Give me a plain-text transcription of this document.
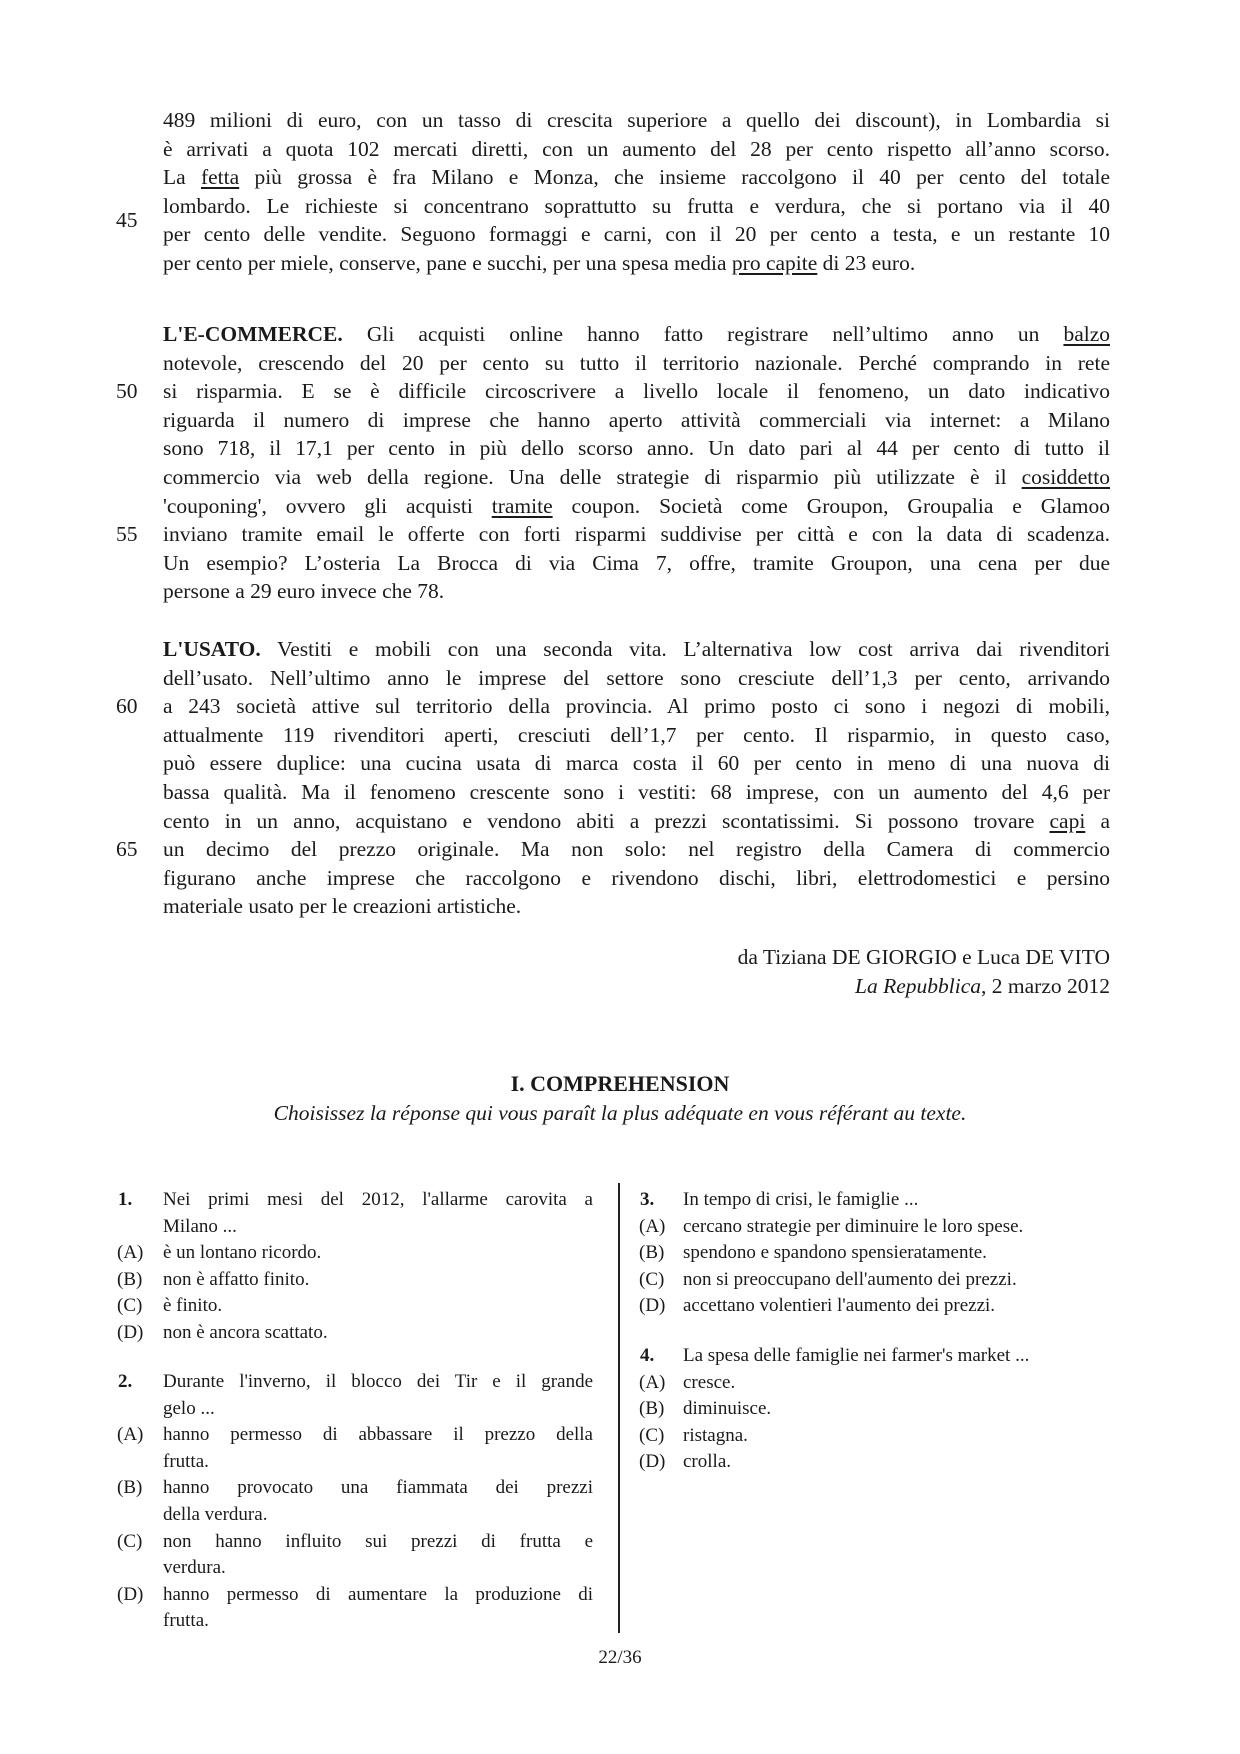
489 milioni di euro, con un tasso di crescita superiore a quello dei discount), in Lombardia si
è arrivati a quota 102 mercati diretti, con un aumento del 28 per cento rispetto all’anno scorso.
La fetta più grossa è fra Milano e Monza, che insieme raccolgono il 40 per cento del totale
lombardo. Le richieste si concentrano soprattutto su frutta e verdura, che si portano via il 40
per cento delle vendite. Seguono formaggi e carni, con il 20 per cento a testa, e un restante 10
per cento per miele, conserve, pane e succhi, per una spesa media pro capite di 23 euro.
L'E-COMMERCE. Gli acquisti online hanno fatto registrare nell’ultimo anno un balzo
notevole, crescendo del 20 per cento su tutto il territorio nazionale. Perché comprando in rete
si risparmia. E se è difficile circoscrivere a livello locale il fenomeno, un dato indicativo
riguarda il numero di imprese che hanno aperto attività commerciali via internet: a Milano
sono 718, il 17,1 per cento in più dello scorso anno. Un dato pari al 44 per cento di tutto il
commercio via web della regione. Una delle strategie di risparmio più utilizzate è il cosiddetto
'couponing', ovvero gli acquisti tramite coupon. Società come Groupon, Groupalia e Glamoo
inviano tramite email le offerte con forti risparmi suddivise per città e con la data di scadenza.
Un esempio? L’osteria La Brocca di via Cima 7, offre, tramite Groupon, una cena per due
persone a 29 euro invece che 78.
L'USATO. Vestiti e mobili con una seconda vita. L’alternativa low cost arriva dai rivenditori
dell’usato. Nell’ultimo anno le imprese del settore sono cresciute dell’1,3 per cento, arrivando
a 243 società attive sul territorio della provincia. Al primo posto ci sono i negozi di mobili,
attualmente 119 rivenditori aperti, cresciuti dell’1,7 per cento. Il risparmio, in questo caso,
può essere duplice: una cucina usata di marca costa il 60 per cento in meno di una nuova di
bassa qualità. Ma il fenomeno crescente sono i vestiti: 68 imprese, con un aumento del 4,6 per
cento in un anno, acquistano e vendono abiti a prezzi scontatissimi. Si possono trovare capi a
un decimo del prezzo originale. Ma non solo: nel registro della Camera di commercio
figurano anche imprese che raccolgono e rivendono dischi, libri, elettrodomestici e persino
materiale usato per le creazioni artistiche.
45
50
55
60
65
da Tiziana DE GIORGIO e Luca DE VITO
La Repubblica, 2 marzo 2012
I. COMPREHENSION
Choisissez la réponse qui vous paraît la plus adéquate en vous référant au texte.
1. Nei primi mesi del 2012, l'allarme carovita a
Milano ...
(A) è un lontano ricordo.
(B) non è affatto finito.
(C) è finito.
(D) non è ancora scattato.
2. Durante l'inverno, il blocco dei Tir e il grande
gelo ...
(A) hanno permesso di abbassare il prezzo della
frutta.
(B) hanno provocato una fiammata dei prezzi
della verdura.
(C) non hanno influito sui prezzi di frutta e
verdura.
(D) hanno permesso di aumentare la produzione di
frutta.
3. In tempo di crisi, le famiglie ...
(A) cercano strategie per diminuire le loro spese.
(B) spendono e spandono spensieratamente.
(C) non si preoccupano dell'aumento dei prezzi.
(D) accettano volentieri l'aumento dei prezzi.
4. La spesa delle famiglie nei farmer's market ...
(A) cresce.
(B) diminuisce.
(C) ristagna.
(D) crolla.
22/36
